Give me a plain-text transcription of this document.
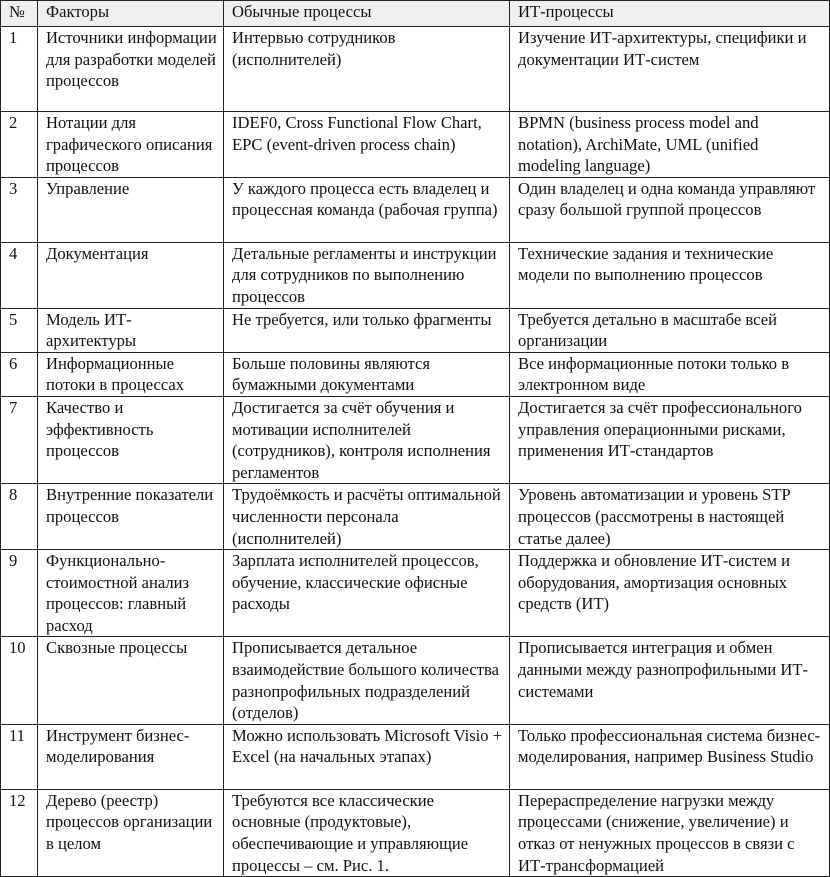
№	Факторы	Обычные процессы	ИТ-процессы
1	Источники информации для разработки моделей процессов	Интервью сотрудников (исполнителей)	Изучение ИТ-архитектуры, специфики и документации ИТ-систем
2	Нотации для графического описания процессов	IDEF0, Cross Functional Flow Chart, EPC (event-driven process chain)	BPMN (business process model and notation), ArchiMate, UML (unified modeling language)
3	Управление	У каждого процесса есть владелец и процессная команда (рабочая группа)	Один владелец и одна команда управляют сразу большой группой процессов
4	Документация	Детальные регламенты и инструкции для сотрудников по выполнению процессов	Технические задания и технические модели по выполнению процессов
5	Модель ИТ-архитектуры	Не требуется, или только фрагменты	Требуется детально в масштабе всей организации
6	Информационные потоки в процессах	Больше половины являются бумажными документами	Все информационные потоки только в электронном виде
7	Качество и эффективность процессов	Достигается за счёт обучения и мотивации исполнителей (сотрудников), контроля исполнения регламентов	Достигается за счёт профессионального управления операционными рисками, применения ИТ-стандартов
8	Внутренние показатели процессов	Трудоёмкость и расчёты оптимальной численности персонала (исполнителей)	Уровень автоматизации и уровень STP процессов (рассмотрены в настоящей статье далее)
9	Функционально-стоимостной анализ процессов: главный расход	Зарплата исполнителей процессов, обучение, классические офисные расходы	Поддержка и обновление ИТ-систем и оборудования, амортизация основных средств (ИТ)
10	Сквозные процессы	Прописывается детальное взаимодействие большого количества разнопрофильных подразделений (отделов)	Прописывается интеграция и обмен данными между разнопрофильными ИТ-системами
11	Инструмент бизнес-моделирования	Можно использовать Microsoft Visio + Excel (на начальных этапах)	Только профессиональная система бизнес-моделирования, например Business Studio
12	Дерево (реестр) процессов организации в целом	Требуются все классические основные (продуктовые), обеспечивающие и управляющие процессы – см. Рис. 1.	Перераспределение нагрузки между процессами (снижение, увеличение) и отказ от ненужных процессов в связи с ИТ-трансформацией
